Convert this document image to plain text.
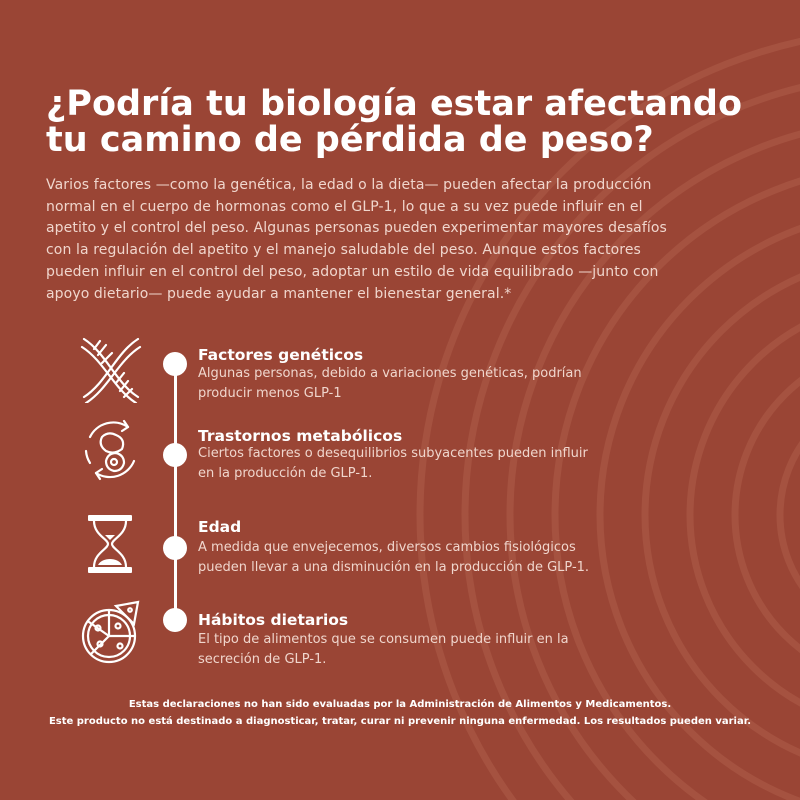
¿Podría tu biología estar afectando
tu camino de pérdida de peso?

Varios factores —como la genética, la edad o la dieta— pueden afectar la producción
normal en el cuerpo de hormonas como el GLP-1, lo que a su vez puede influir en el
apetito y el control del peso. Algunas personas pueden experimentar mayores desafíos
con la regulación del apetito y el manejo saludable del peso. Aunque estos factores
pueden influir en el control del peso, adoptar un estilo de vida equilibrado —junto con
apoyo dietario— puede ayudar a mantener el bienestar general.*

Factores genéticos

Algunas personas, debido a variaciones genéticas, podrían
producir menos GLP-1

Trastornos metabólicos

Ciertos factores o desequilibrios subyacentes pueden influir
en la producción de GLP-1.

Edad

A medida que envejecemos, diversos cambios fisiológicos
pueden llevar a una disminución en la producción de GLP-1.

Hábitos dietarios

El tipo de alimentos que se consumen puede influir en la
secreción de GLP-1.

Estas declaraciones no han sido evaluadas por la Administración de Alimentos y Medicamentos.

Este producto no está destinado a diagnosticar, tratar, curar ni prevenir ninguna enfermedad. Los resultados pueden variar.
